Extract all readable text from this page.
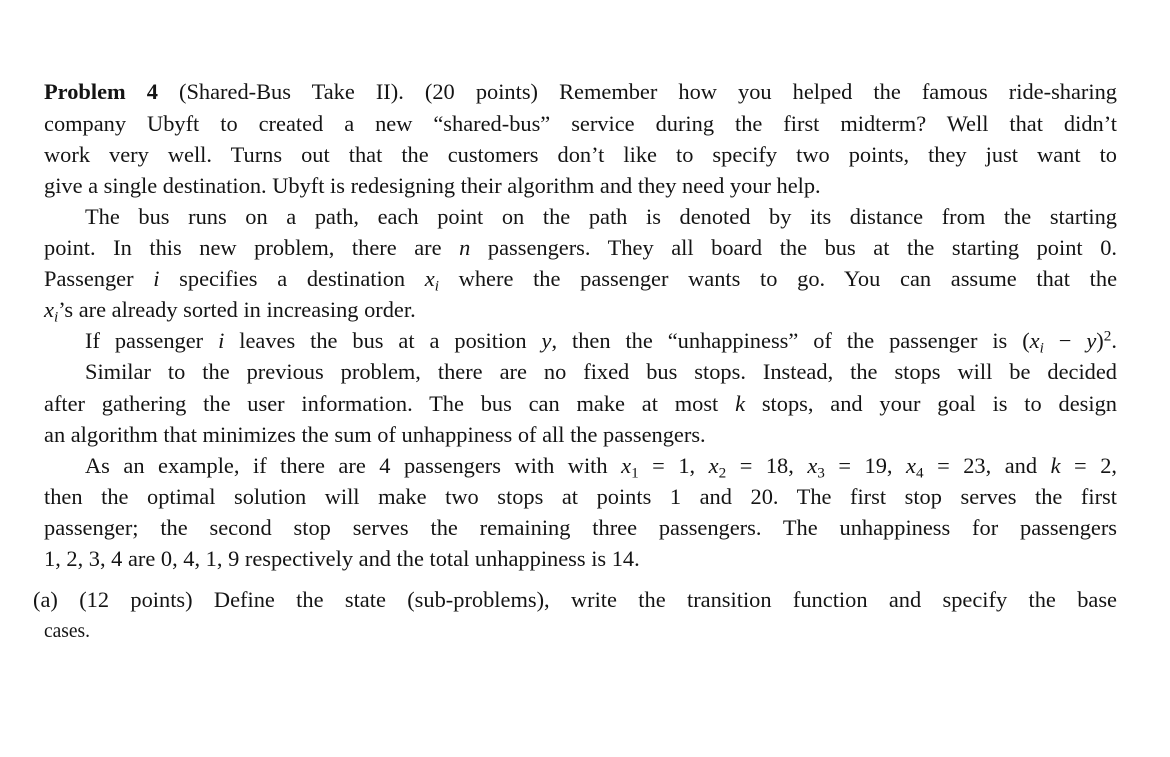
Problem 4 (Shared-Bus Take II). (20 points) Remember how you helped the famous ride-sharing
company Ubyft to created a new “shared-bus” service during the first midterm? Well that didn’t
work very well. Turns out that the customers don’t like to specify two points, they just want to
give a single destination. Ubyft is redesigning their algorithm and they need your help.
The bus runs on a path, each point on the path is denoted by its distance from the starting
point. In this new problem, there are n passengers. They all board the bus at the starting point 0.
Passenger i specifies a destination $x_i$ where the passenger wants to go. You can assume that the
$x_i’s$ are already sorted in increasing order.
If passenger i leaves the bus at a position y, then the “unhappiness” of the passenger is $(x_i - y)^2$.
Similar to the previous problem, there are no fixed bus stops. Instead, the stops will be decided
after gathering the user information. The bus can make at most k stops, and your goal is to design
an algorithm that minimizes the sum of unhappiness of all the passengers.
As an example, if there are 4 passengers with with $x_1 = 1$, $x_2 = 18$, $x_3 = 19$, $x_4 = 23$, and k = 2,
then the optimal solution will make two stops at points 1 and 20. The first stop serves the first
passenger; the second stop serves the remaining three passengers. The unhappiness for passengers
1, 2, 3, 4 are 0, 4, 1, 9 respectively and the total unhappiness is 14.
(a) (12 points) Define the state (sub-problems), write the transition function and specify the base
cases.
